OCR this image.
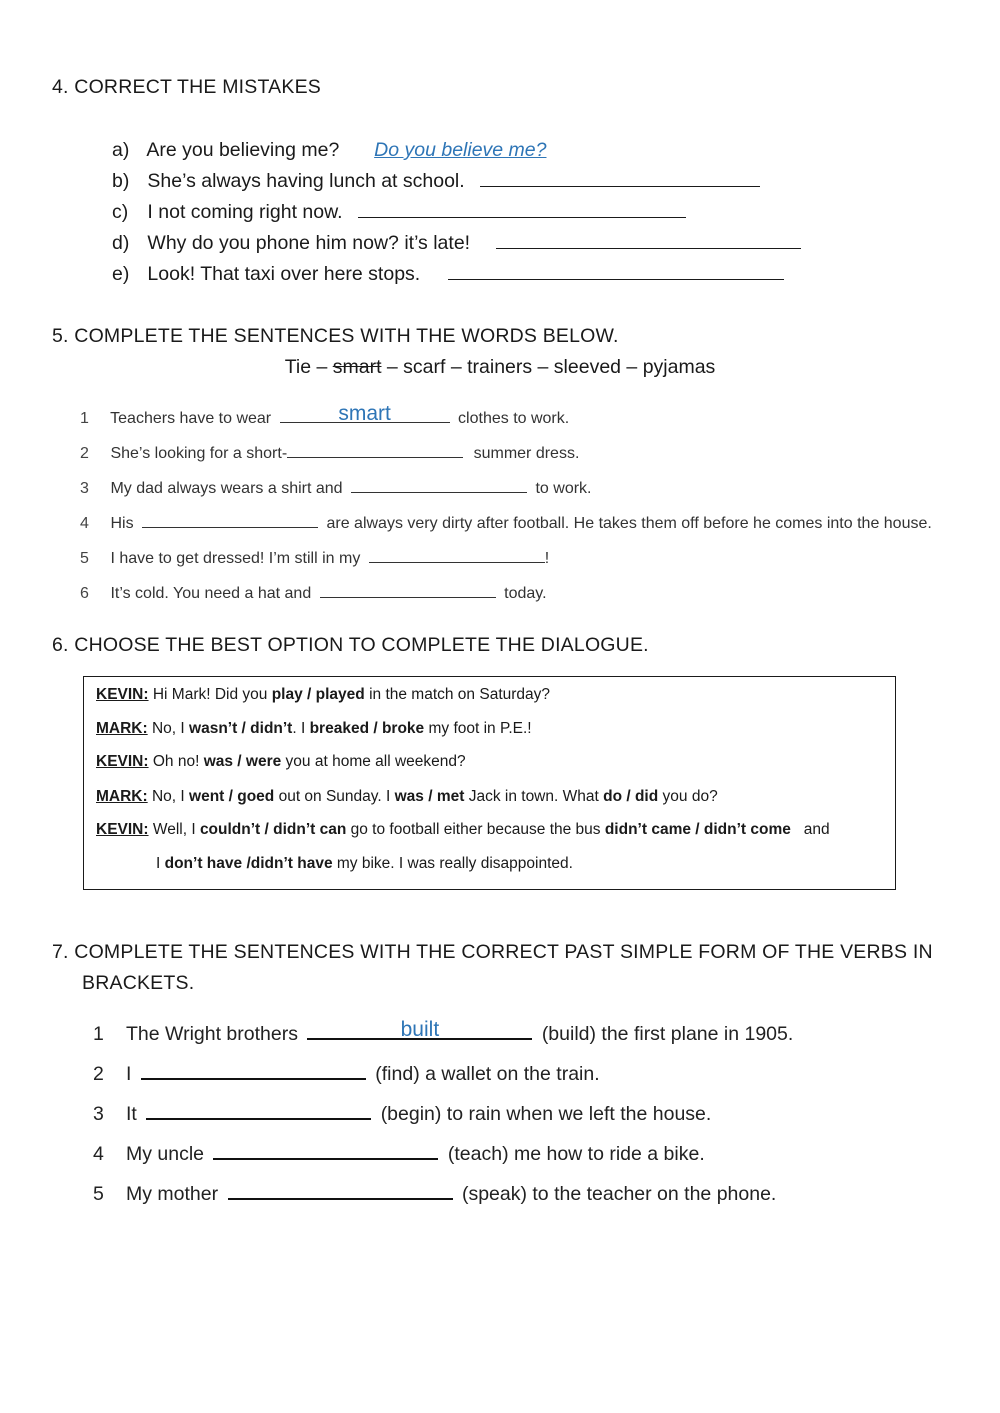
4. CORRECT THE MISTAKES
a) Are you believing me? Do you believe me?
b) She’s always having lunch at school.
c) I not coming right now.
d) Why do you phone him now? it’s late!
e) Look! That taxi over here stops.
5. COMPLETE THE SENTENCES WITH THE WORDS BELOW.
Tie – smart – scarf – trainers – sleeved – pyjamas
1 Teachers have to wear	smart	clothes to work.
2 She’s looking for a short-	summer dress.
3 My dad always wears a shirt and	to work.
4 His	are always very dirty after football. He takes them off before he comes into the house.
5 I have to get dressed! I’m still in my	!
6 It’s cold. You need a hat and	today.
6. CHOOSE THE BEST OPTION TO COMPLETE THE DIALOGUE.
KEVIN: Hi Mark! Did you play / played in the match on Saturday?
MARK: No, I wasn’t / didn’t. I breaked / broke my foot in P.E.!
KEVIN: Oh no! was / were you at home all weekend?
MARK: No, I went / goed out on Sunday. I was / met Jack in town. What do / did you do?
KEVIN: Well, I couldn’t / didn’t can go to football either because the bus didn’t came / didn’t come   and
I don’t have /didn’t have my bike. I was really disappointed.
7. COMPLETE THE SENTENCES WITH THE CORRECT PAST SIMPLE FORM OF THE VERBS IN
BRACKETS.
1 The Wright brothers	built	(build) the first plane in 1905.
2 I	(find) a wallet on the train.
3 It	(begin) to rain when we left the house.
4 My uncle	(teach) me how to ride a bike.
5 My mother	(speak) to the teacher on the phone.
